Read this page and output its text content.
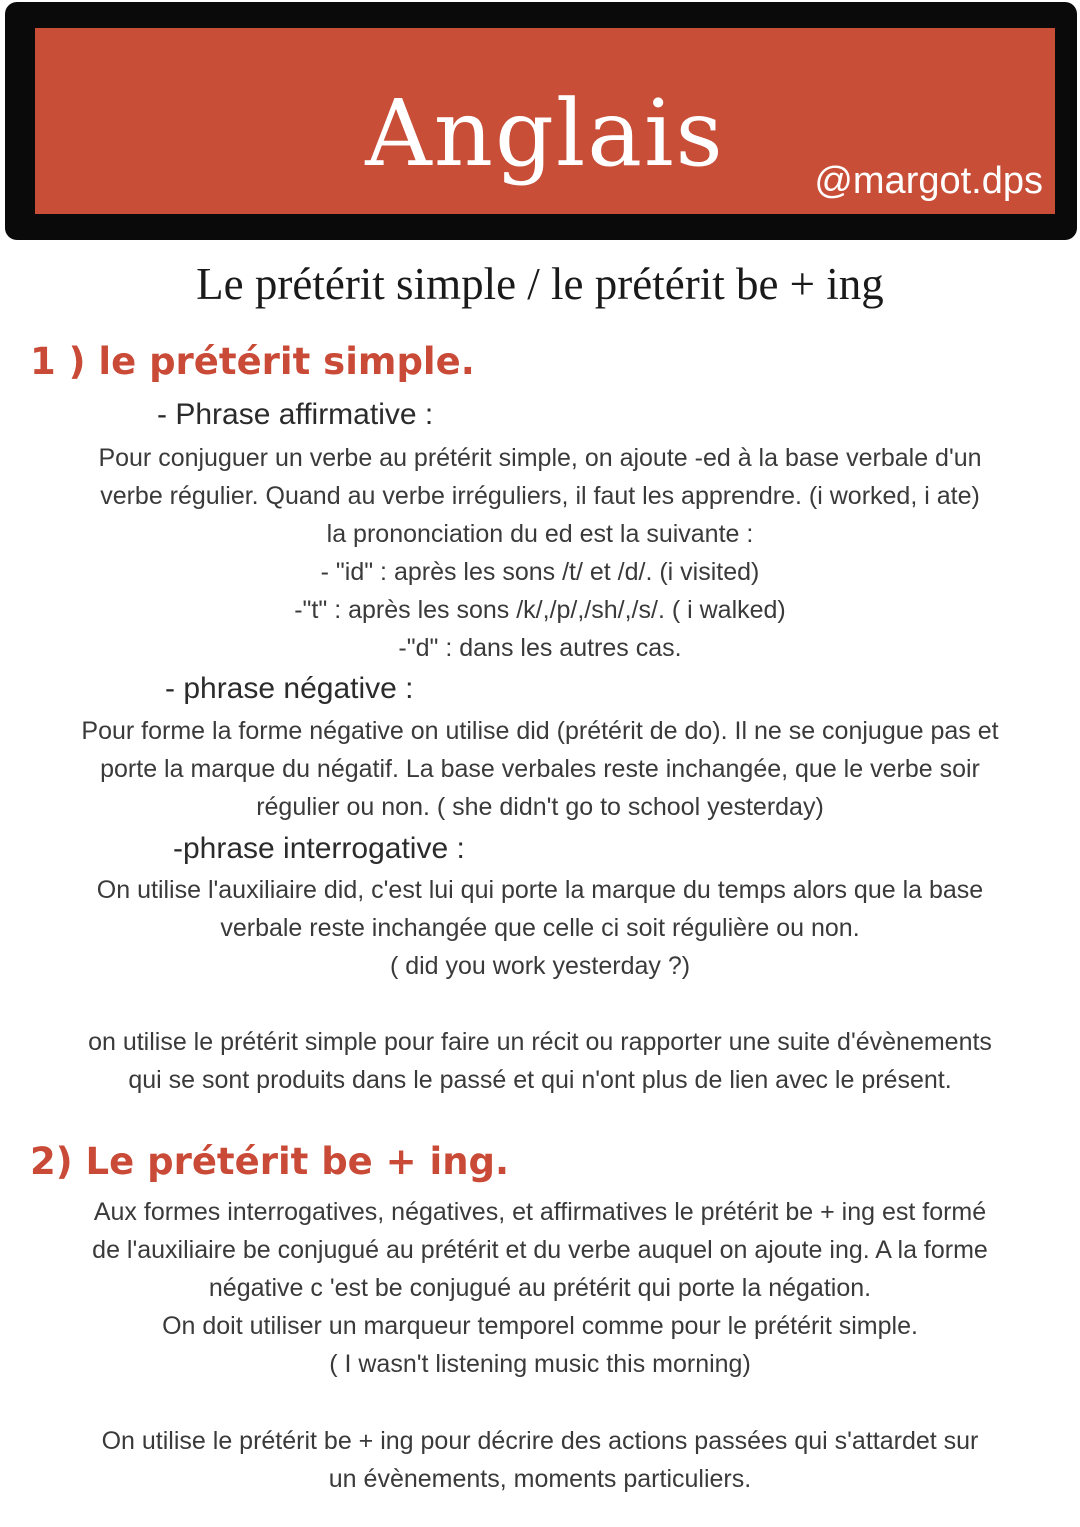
Anglais	@margot.dps
Le prétérit simple / le prétérit be + ing
1 ) le prétérit simple.
- Phrase affirmative :
Pour conjuguer un verbe au prétérit simple, on ajoute -ed à la base verbale d'un
verbe régulier. Quand au verbe irréguliers, il faut les apprendre. (i worked, i ate)
la prononciation du ed est la suivante :
- "id" : après les sons /t/ et /d/. (i visited)
-"t" : après les sons /k/,/p/,/sh/,/s/. ( i walked)
-"d" : dans les autres cas.
- phrase négative :
Pour forme la forme négative on utilise did (prétérit de do). Il ne se conjugue pas et
porte la marque du négatif. La base verbales reste inchangée, que le verbe soir
régulier ou non. ( she didn't go to school yesterday)
-phrase interrogative :
On utilise l'auxiliaire did, c'est lui qui porte la marque du temps alors que la base
verbale reste inchangée que celle ci soit régulière ou non.
( did you work yesterday ?)
on utilise le prétérit simple pour faire un récit ou rapporter une suite d'évènements
qui se sont produits dans le passé et qui n'ont plus de lien avec le présent.
2) Le prétérit be + ing.
Aux formes interrogatives, négatives, et affirmatives le prétérit be + ing est formé
de l'auxiliaire be conjugué au prétérit et du verbe auquel on ajoute ing. A la forme
négative c 'est be conjugué au prétérit qui porte la négation.
On doit utiliser un marqueur temporel comme pour le prétérit simple.
( I wasn't listening music this morning)
On utilise le prétérit be + ing pour décrire des actions passées qui s'attardet sur
un évènements, moments particuliers.
